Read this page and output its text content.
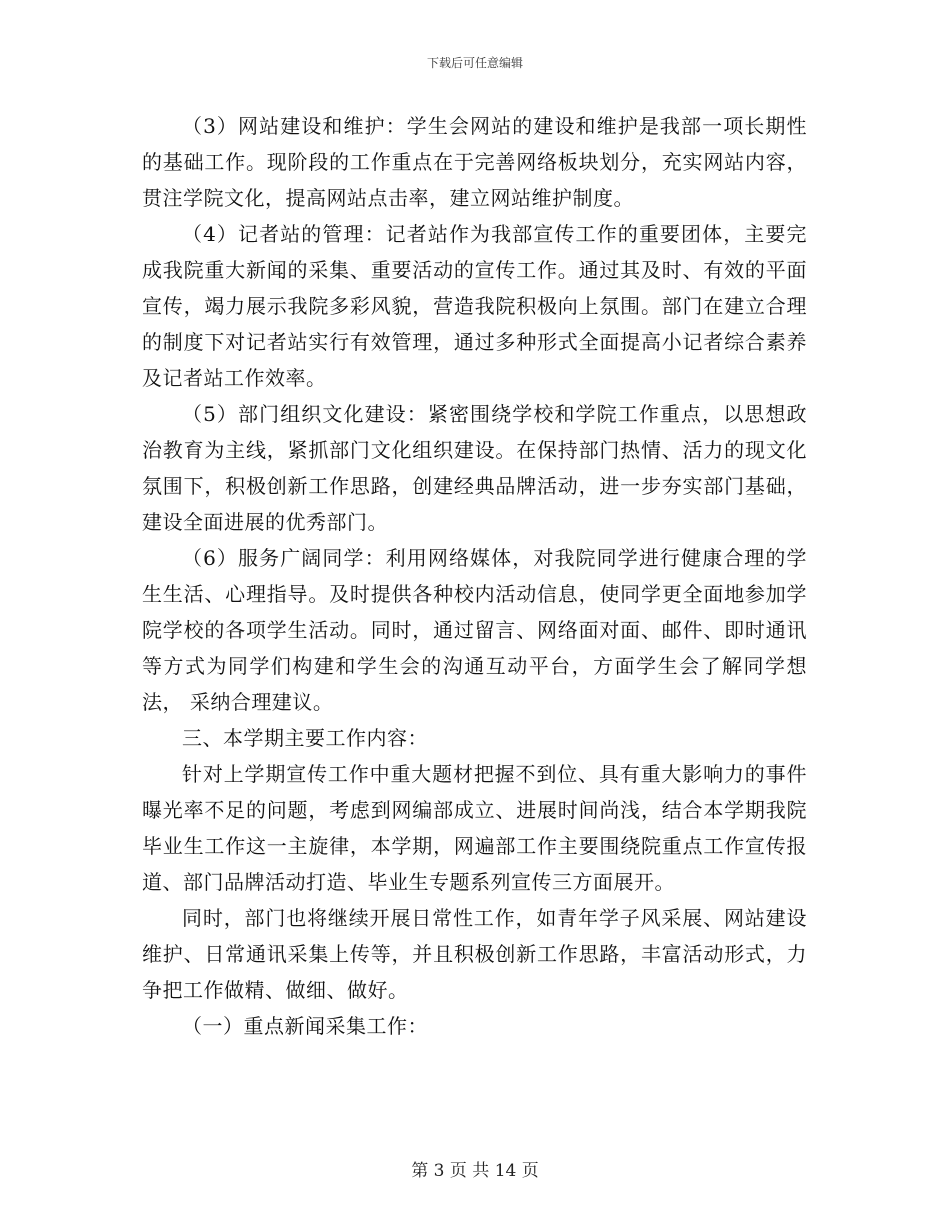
下载后可任意编辑

（3）网站建设和维护：学生会网站的建设和维护是我部一项长期性的基础工作。现阶段的工作重点在于完善网络板块划分，充实网站内容，贯注学院文化，提高网站点击率，建立网站维护制度。

（4）记者站的管理：记者站作为我部宣传工作的重要团体，主要完成我院重大新闻的采集、重要活动的宣传工作。通过其及时、有效的平面宣传，竭力展示我院多彩风貌，营造我院积极向上氛围。部门在建立合理的制度下对记者站实行有效管理，通过多种形式全面提高小记者综合素养及记者站工作效率。

（5）部门组织文化建设：紧密围绕学校和学院工作重点，以思想政治教育为主线，紧抓部门文化组织建设。在保持部门热情、活力的现文化氛围下，积极创新工作思路，创建经典品牌活动，进一步夯实部门基础，建设全面进展的优秀部门。

（6）服务广阔同学：利用网络媒体，对我院同学进行健康合理的学生生活、心理指导。及时提供各种校内活动信息，使同学更全面地参加学院学校的各项学生活动。同时，通过留言、网络面对面、邮件、即时通讯等方式为同学们构建和学生会的沟通互动平台，方面学生会了解同学想法， 采纳合理建议。

三、本学期主要工作内容：

针对上学期宣传工作中重大题材把握不到位、具有重大影响力的事件曝光率不足的问题，考虑到网编部成立、进展时间尚浅，结合本学期我院毕业生工作这一主旋律，本学期，网遍部工作主要围绕院重点工作宣传报道、部门品牌活动打造、毕业生专题系列宣传三方面展开。

同时，部门也将继续开展日常性工作，如青年学子风采展、网站建设维护、日常通讯采集上传等，并且积极创新工作思路，丰富活动形式，力争把工作做精、做细、做好。

（一）重点新闻采集工作：

第 3 页 共 14 页
